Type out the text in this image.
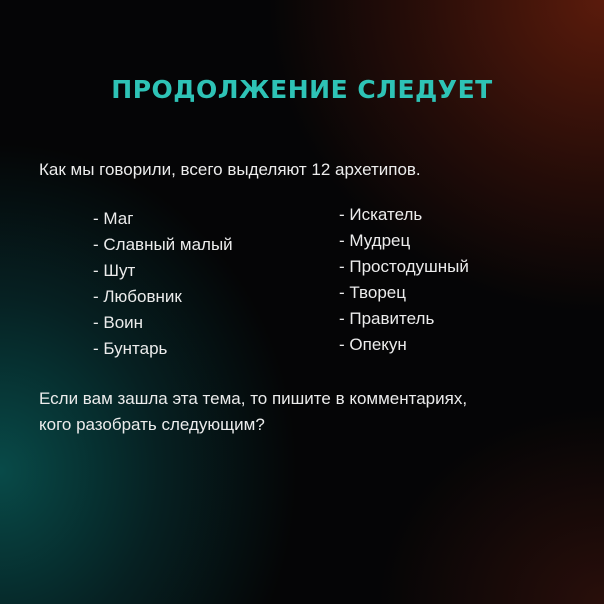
ПРОДОЛЖЕНИЕ СЛЕДУЕТ
Как мы говорили, всего выделяют 12 архетипов.
- Маг
- Славный малый
- Шут
- Любовник
- Воин
- Бунтарь
- Искатель
- Мудрец
- Простодушный
- Творец
- Правитель
- Опекун
Если вам зашла эта тема, то пишите в комментариях,
кого разобрать следующим?
